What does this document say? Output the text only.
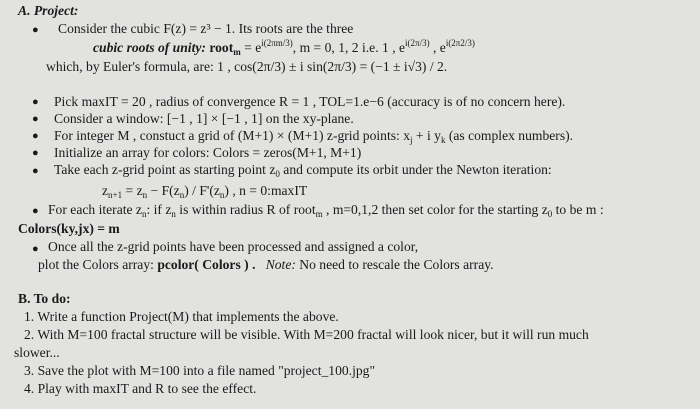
A. Project:
● Consider the cubic F(z) = z³ − 1. Its roots are the three
cubic roots of unity: root$_m$ = $e^{i(2\pi m/3)}$, m = 0, 1, 2 i.e. 1 , $e^{i(2\pi/3)}$ , $e^{i(2\pi 2/3)}$
which, by Euler's formula, are: 1 , cos(2π/3) ± i sin(2π/3) = (−1 ± i√3) / 2.
● Pick maxIT = 20 , radius of convergence R = 1 , TOL=1.e−6 (accuracy is of no concern here).
● Consider a window: [−1 , 1] × [−1 , 1] on the xy-plane.
● For integer M , constuct a grid of (M+1) × (M+1) z-grid points: $x_j + i$ $y_k$ (as complex numbers).
● Initialize an array for colors: Colors = zeros(M+1, M+1)
● Take each z-grid point as starting point $z_0$ and compute its orbit under the Newton iteration:
$z_{n+1} = z_n - F(z_n) / F'(z_n)$ , n = 0:maxIT
● For each iterate $z_n$: if $z_n$ is within radius R of root$_m$ , m=0,1,2 then set color for the starting $z_0$ to be m :
Colors(ky,jx) = m
● Once all the z-grid points have been processed and assigned a color,
plot the Colors array: pcolor( Colors ) . Note: No need to rescale the Colors array.
B. To do:
1. Write a function Project(M) that implements the above.
2. With M=100 fractal structure will be visible. With M=200 fractal will look nicer, but it will run much
slower...
3. Save the plot with M=100 into a file named "project_100.jpg"
4. Play with maxIT and R to see the effect.
